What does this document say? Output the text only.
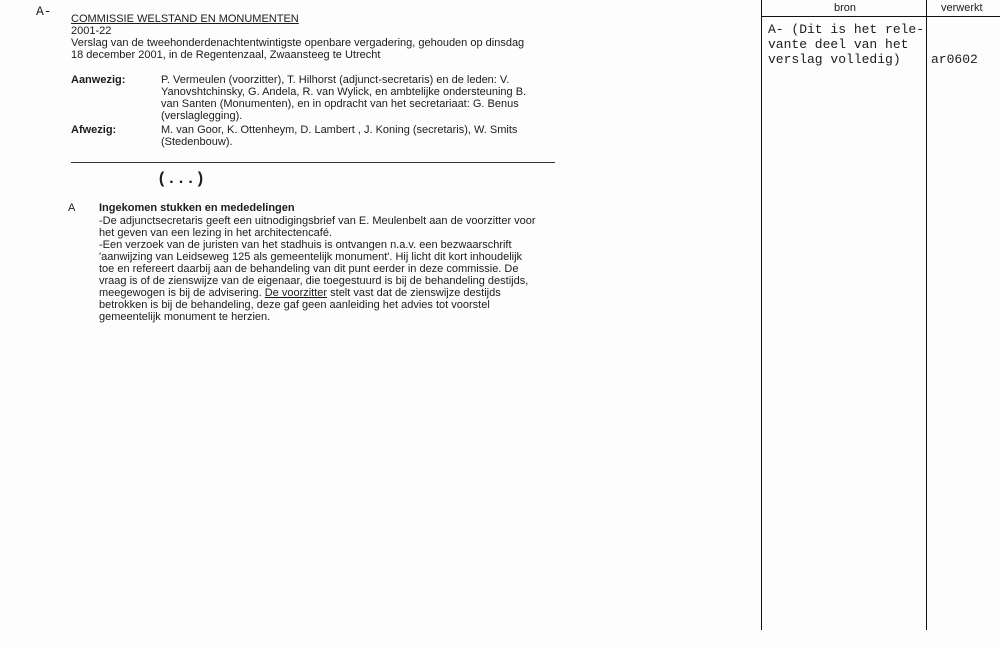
A- COMMISSIE WELSTAND EN MONUMENTEN
2001-22
Verslag van de tweehonderdenachtentwintigste openbare vergadering, gehouden op dinsdag
18 december 2001, in de Regentenzaal, Zwaansteeg te Utrecht
Aanwezig:	P. Vermeulen (voorzitter), T. Hilhorst (adjunct-secretaris) en de leden: V.
Yanovshtchinsky, G. Andela, R. van Wylick, en ambtelijke ondersteuning B.
van Santen (Monumenten), en in opdracht van het secretariaat: G. Benus
(verslaglegging).
Afwezig:	M. van Goor, K. Ottenheym, D. Lambert , J. Koning (secretaris), W. Smits
(Stedenbouw).
(...)
A Ingekomen stukken en mededelingen
-De adjunctsecretaris geeft een uitnodigingsbrief van E. Meulenbelt aan de voorzitter voor
het geven van een lezing in het architectencafé.
-Een verzoek van de juristen van het stadhuis is ontvangen n.a.v. een bezwaarschrift
'aanwijzing van Leidseweg 125 als gemeentelijk monument'. Hij licht dit kort inhoudelijk
toe en refereert daarbij aan de behandeling van dit punt eerder in deze commissie. De
vraag is of de zienswijze van de eigenaar, die toegestuurd is bij de behandeling destijds,
meegewogen is bij de advisering. De voorzitter stelt vast dat de zienswijze destijds
betrokken is bij de behandeling, deze gaf geen aanleiding het advies tot voorstel
gemeentelijk monument te herzien.
bron	verwerkt
A- (Dit is het rele-
vante deel van het
verslag volledig) ar0602
